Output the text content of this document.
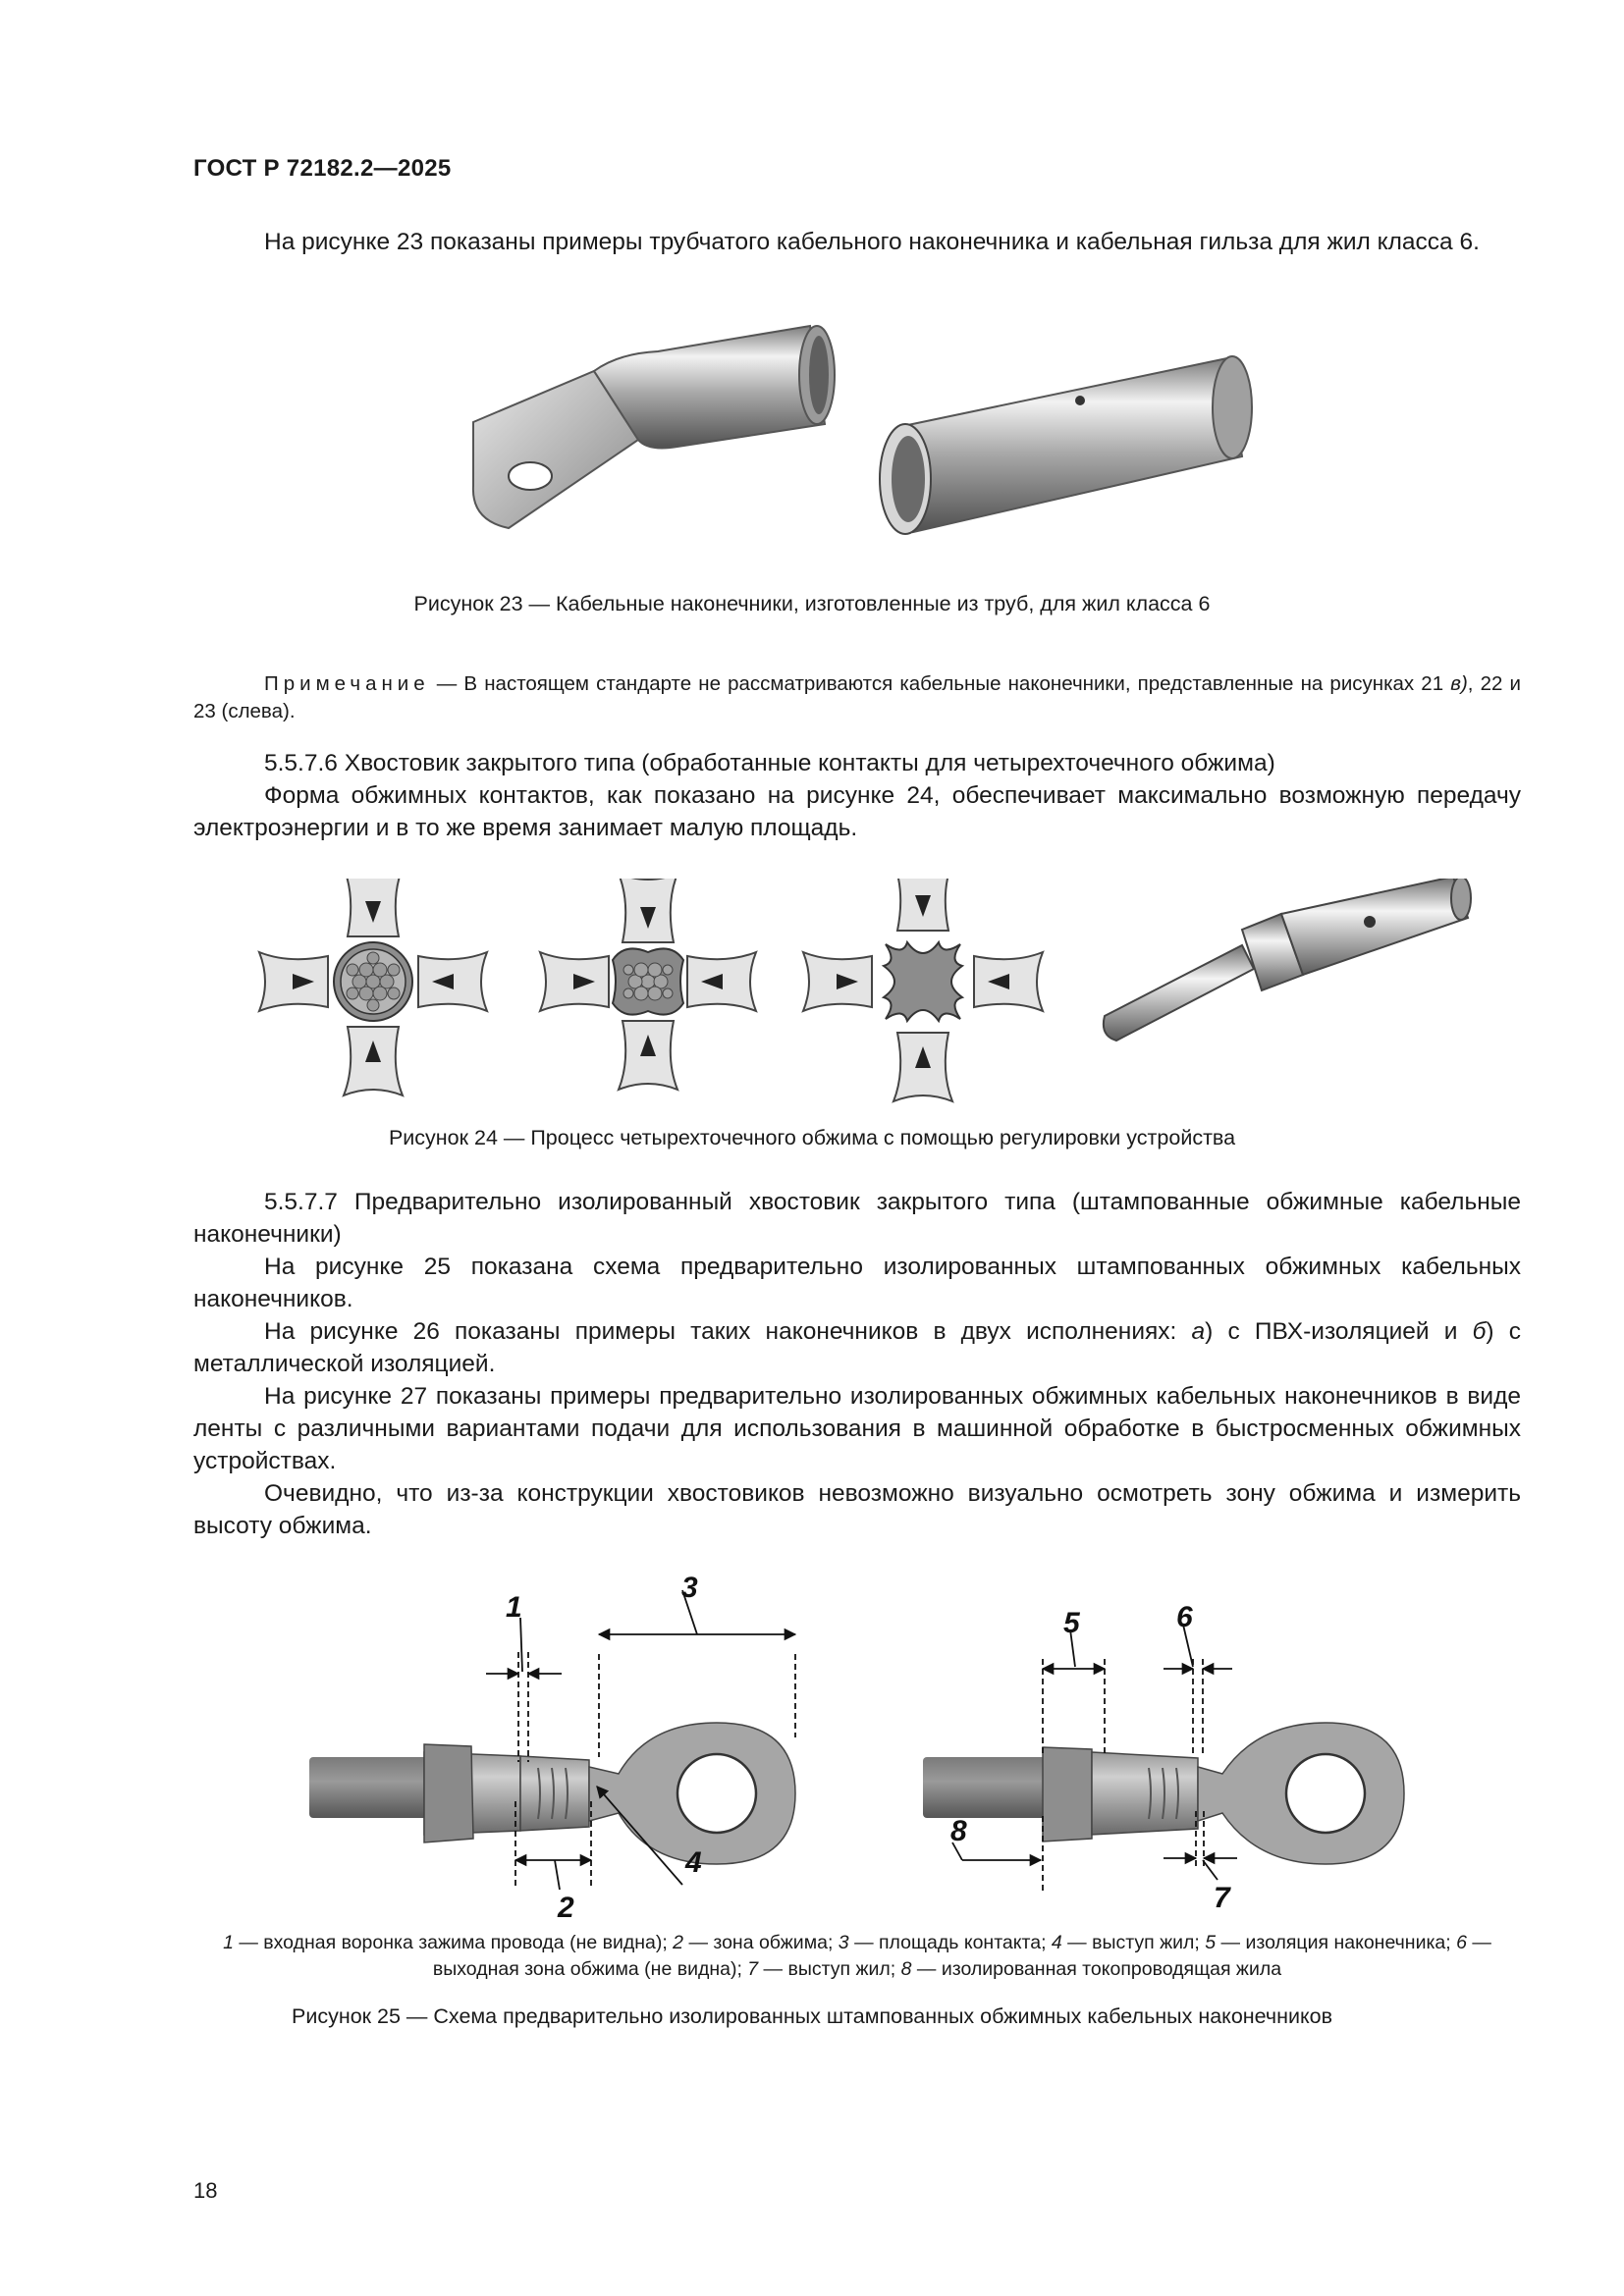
ГОСТ Р 72182.2—2025
На рисунке 23 показаны примеры трубчатого кабельного наконечника и кабельная гильза для жил класса 6.
Рисунок 23 — Кабельные наконечники, изготовленные из труб, для жил класса 6
Примечание — В настоящем стандарте не рассматриваются кабельные наконечники, представленные на рисунках 21 в), 22 и 23 (слева).
5.5.7.6 Хвостовик закрытого типа (обработанные контакты для четырехточечного обжима)
Форма обжимных контактов, как показано на рисунке 24, обеспечивает максимально возможную передачу электроэнергии и в то же время занимает малую площадь.
Рисунок 24 — Процесс четырехточечного обжима с помощью регулировки устройства
5.5.7.7 Предварительно изолированный хвостовик закрытого типа (штампованные обжимные кабельные наконечники)
На рисунке 25 показана схема предварительно изолированных штампованных обжимных кабельных наконечников.
На рисунке 26 показаны примеры таких наконечников в двух исполнениях: а) с ПВХ-изоляцией и б) с металлической изоляцией.
На рисунке 27 показаны примеры предварительно изолированных обжимных кабельных наконечников в виде ленты с различными вариантами подачи для использования в машинной обработке в быстросменных обжимных устройствах.
Очевидно, что из-за конструкции хвостовиков невозможно визуально осмотреть зону обжима и измерить высоту обжима.
1
2
3
4
5	6
7
8
1 — входная воронка зажима провода (не видна); 2 — зона обжима; 3 — площадь контакта; 4 — выступ жил; 5 — изоляция наконечника; 6 — выходная зона обжима (не видна); 7 — выступ жил; 8 — изолированная токопроводящая жила
Рисунок 25 — Схема предварительно изолированных штампованных обжимных кабельных наконечников
18
